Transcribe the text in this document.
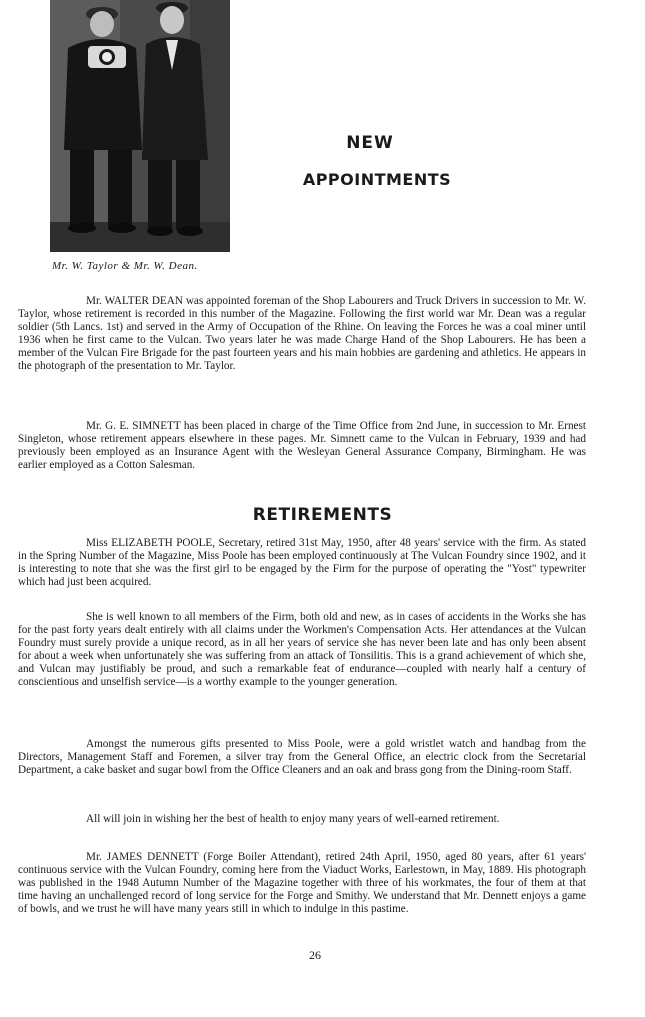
Mr. W. Taylor & Mr. W. Dean.
NEW
APPOINTMENTS

Mr. WALTER DEAN was appointed foreman of the Shop Labourers and Truck Drivers in succession to Mr. W. Taylor, whose retirement is recorded in this number of the Magazine. Following the first world war Mr. Dean was a regular soldier (5th Lancs. 1st) and served in the Army of Occupation of the Rhine. On leaving the Forces he was a coal miner until 1936 when he first came to the Vulcan. Two years later he was made Charge Hand of the Shop Labourers. He has been a member of the Vulcan Fire Brigade for the past fourteen years and his main hobbies are gardening and athletics. He appears in the photograph of the presentation to Mr. Taylor.

Mr. G. E. SIMNETT has been placed in charge of the Time Office from 2nd June, in succession to Mr. Ernest Singleton, whose retirement appears elsewhere in these pages. Mr. Simnett came to the Vulcan in February, 1939 and had previously been employed as an Insurance Agent with the Wesleyan General Assurance Company, Birmingham. He was earlier employed as a Cotton Salesman.

RETIREMENTS

Miss ELIZABETH POOLE, Secretary, retired 31st May, 1950, after 48 years' service with the firm. As stated in the Spring Number of the Magazine, Miss Poole has been employed continuously at The Vulcan Foundry since 1902, and it is interesting to note that she was the first girl to be engaged by the Firm for the purpose of operating the "Yost" typewriter which had just been acquired.

She is well known to all members of the Firm, both old and new, as in cases of accidents in the Works she has for the past forty years dealt entirely with all claims under the Workmen's Compensation Acts. Her attendances at the Vulcan Foundry must surely provide a unique record, as in all her years of service she has never been late and has only been absent for about a week when unfortunately she was suffering from an attack of Tonsilitis. This is a grand achievement of which she, and Vulcan may justifiably be proud, and such a remarkable feat of endurance—coupled with nearly half a century of conscientious and unselfish service—is a worthy example to the younger generation.

Amongst the numerous gifts presented to Miss Poole, were a gold wristlet watch and handbag from the Directors, Management Staff and Foremen, a silver tray from the General Office, an electric clock from the Secretarial Department, a cake basket and sugar bowl from the Office Cleaners and an oak and brass gong from the Dining-room Staff.

All will join in wishing her the best of health to enjoy many years of well-earned retirement.

Mr. JAMES DENNETT (Forge Boiler Attendant), retired 24th April, 1950, aged 80 years, after 61 years' continuous service with the Vulcan Foundry, coming here from the Viaduct Works, Earlestown, in May, 1889. His photograph was published in the 1948 Autumn Number of the Magazine together with three of his workmates, the four of them at that time having an unchallenged record of long service for the Forge and Smithy. We understand that Mr. Dennett enjoys a game of bowls, and we trust he will have many years still in which to indulge in this pastime.

26
